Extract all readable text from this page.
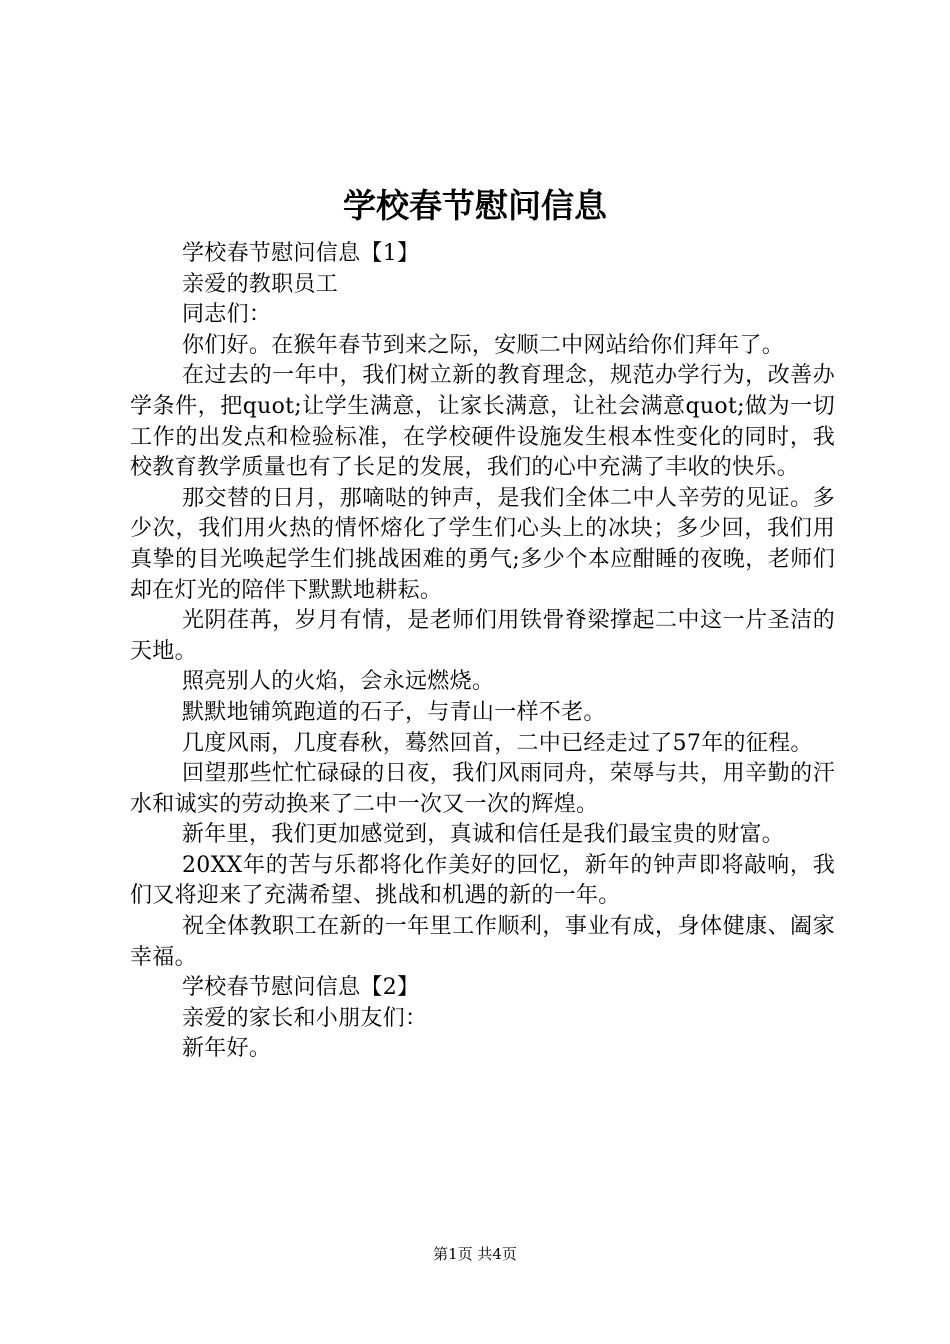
学校春节慰问信息

学校春节慰问信息【1】

亲爱的教职员工

同志们：

你们好。在猴年春节到来之际，安顺二中网站给你们拜年了。

在过去的一年中，我们树立新的教育理念，规范办学行为，改善办学条件，把quot;让学生满意，让家长满意，让社会满意quot;做为一切工作的出发点和检验标准，在学校硬件设施发生根本性变化的同时，我校教育教学质量也有了长足的发展，我们的心中充满了丰收的快乐。

那交替的日月，那嘀哒的钟声，是我们全体二中人辛劳的见证。多少次，我们用火热的情怀熔化了学生们心头上的冰块；多少回，我们用真挚的目光唤起学生们挑战困难的勇气;多少个本应酣睡的夜晚，老师们却在灯光的陪伴下默默地耕耘。

光阴荏苒，岁月有情，是老师们用铁骨脊梁撑起二中这一片圣洁的天地。

照亮别人的火焰，会永远燃烧。

默默地铺筑跑道的石子，与青山一样不老。

几度风雨，几度春秋，蓦然回首，二中已经走过了57年的征程。

回望那些忙忙碌碌的日夜，我们风雨同舟，荣辱与共，用辛勤的汗水和诚实的劳动换来了二中一次又一次的辉煌。

新年里，我们更加感觉到，真诚和信任是我们最宝贵的财富。

20XX年的苦与乐都将化作美好的回忆，新年的钟声即将敲响，我们又将迎来了充满希望、挑战和机遇的新的一年。

祝全体教职工在新的一年里工作顺利，事业有成，身体健康、阖家幸福。

学校春节慰问信息【2】

亲爱的家长和小朋友们：

新年好。

第1页 共4页
